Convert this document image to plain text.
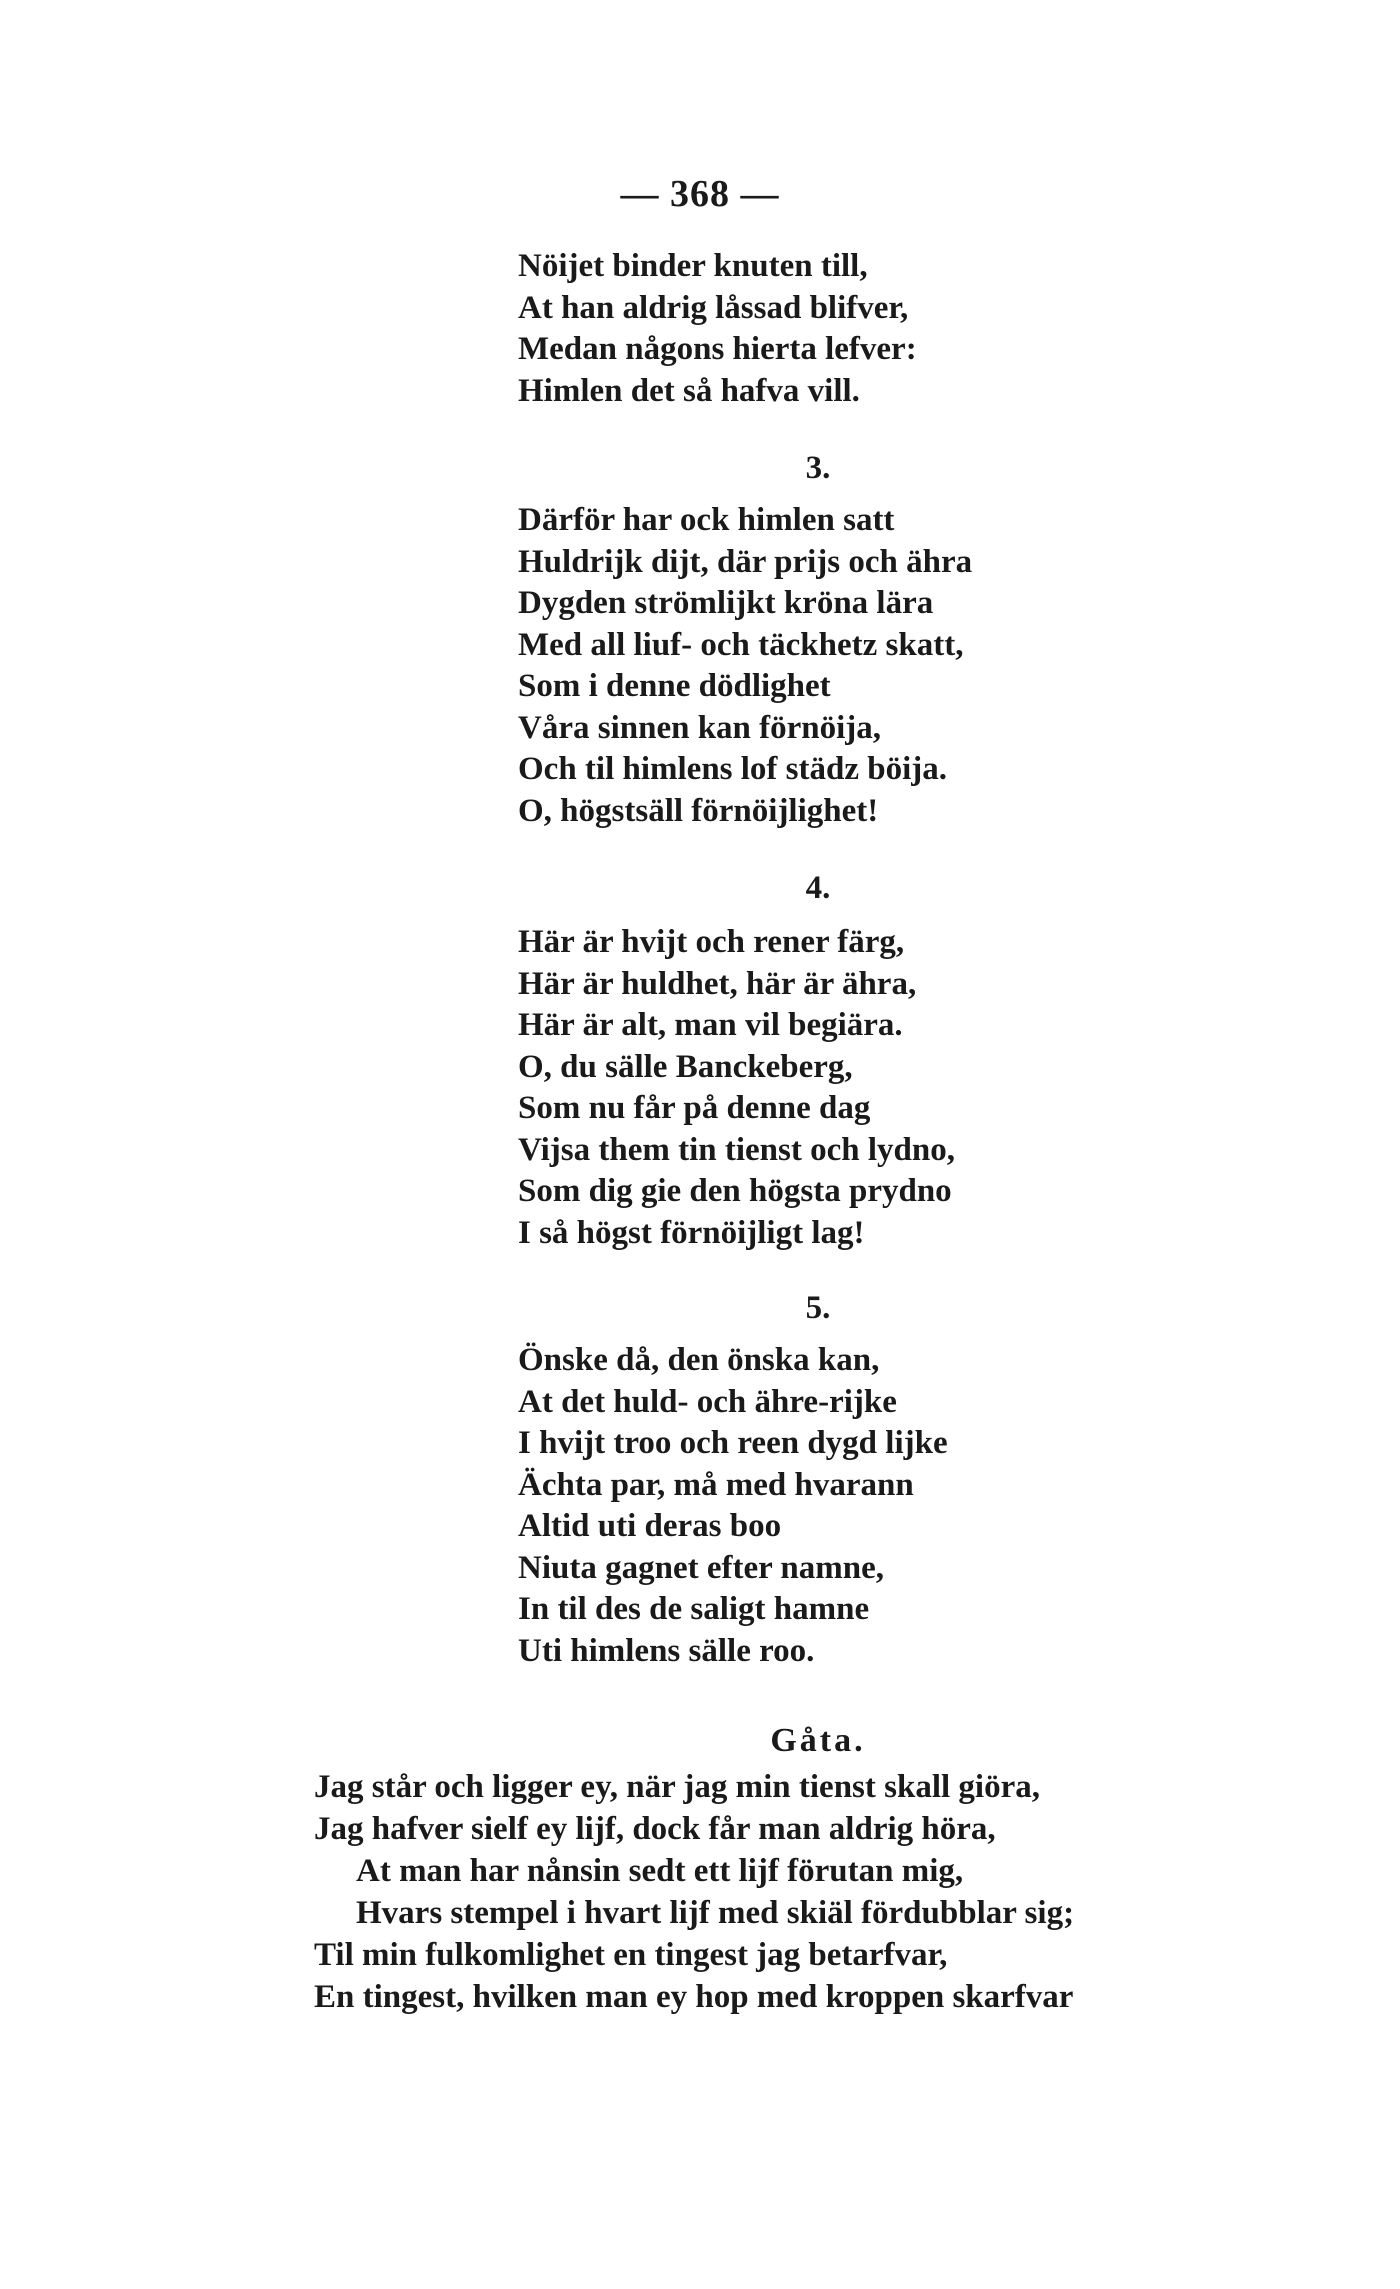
— 368 —
Nöijet binder knuten till,
At han aldrig låssad blifver,
Medan någons hierta lefver:
Himlen det så hafva vill.
3.
Därför har ock himlen satt
Huldrijk dijt, där prijs och ähra
Dygden strömlijkt kröna lära
Med all liuf- och täckhetz skatt,
Som i denne dödlighet
Våra sinnen kan förnöija,
Och til himlens lof städz böija.
O, högstsäll förnöijlighet!
4.
Här är hvijt och rener färg,
Här är huldhet, här är ähra,
Här är alt, man vil begiära.
O, du sälle Banckeberg,
Som nu får på denne dag
Vijsa them tin tienst och lydno,
Som dig gie den högsta prydno
I så högst förnöijligt lag!
5.
Önske då, den önska kan,
At det huld- och ähre-rijke
I hvijt troo och reen dygd lijke
Ächta par, må med hvarann
Altid uti deras boo
Niuta gagnet efter namne,
In til des de saligt hamne
Uti himlens sälle roo.
Gåta.
Jag står och ligger ey, när jag min tienst skall giöra,
Jag hafver sielf ey lijf, dock får man aldrig höra,
At man har nånsin sedt ett lijf förutan mig,
Hvars stempel i hvart lijf med skiäl fördubblar sig;
Til min fulkomlighet en tingest jag betarfvar,
En tingest, hvilken man ey hop med kroppen skarfvar
